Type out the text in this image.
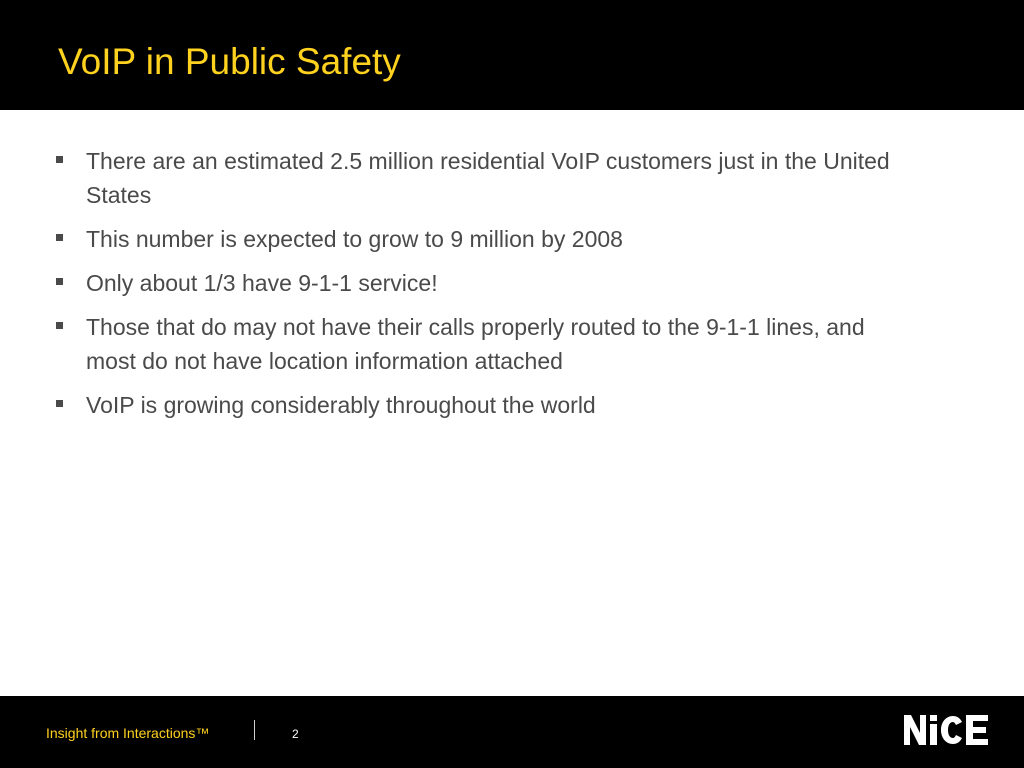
VoIP in Public Safety
There are an estimated 2.5 million residential VoIP customers just in the United States
This number is expected to grow to 9 million by 2008
Only about 1/3 have 9-1-1 service!
Those that do may not have their calls properly routed to the 9-1-1 lines, and most do not have location information attached
VoIP is growing considerably throughout the world
Insight from Interactions™	2
